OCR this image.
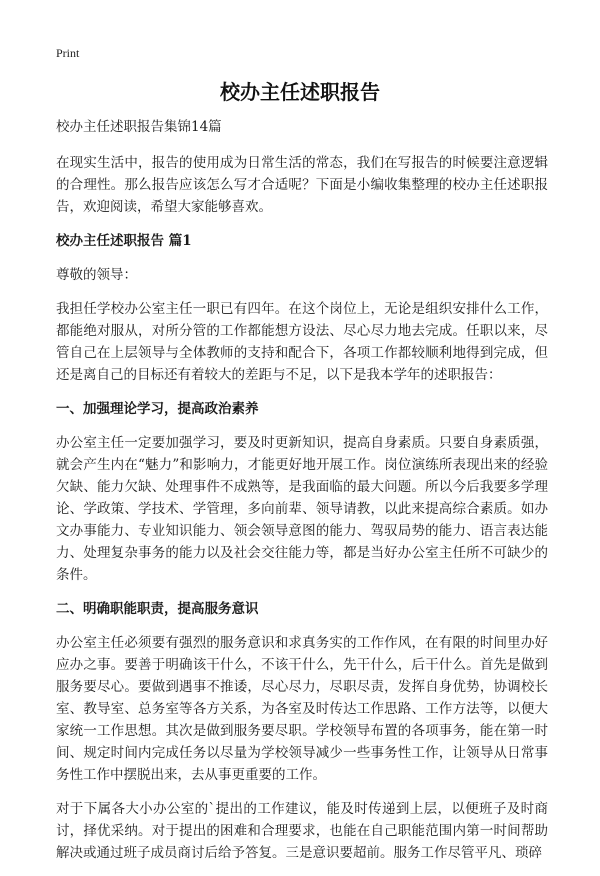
Print
校办主任述职报告
校办主任述职报告集锦14篇

在现实生活中，报告的使用成为日常生活的常态，我们在写报告的时候要注意逻辑的合理性。那么报告应该怎么写才合适呢？下面是小编收集整理的校办主任述职报告，欢迎阅读，希望大家能够喜欢。

校办主任述职报告 篇1

尊敬的领导：

我担任学校办公室主任一职已有四年。在这个岗位上，无论是组织安排什么工作，都能绝对服从，对所分管的工作都能想方设法、尽心尽力地去完成。任职以来，尽管自己在上层领导与全体教师的支持和配合下，各项工作都较顺利地得到完成，但还是离自己的目标还有着较大的差距与不足，以下是我本学年的述职报告：

一、加强理论学习，提高政治素养

办公室主任一定要加强学习，要及时更新知识，提高自身素质。只要自身素质强，就会产生内在“魅力”和影响力，才能更好地开展工作。岗位演练所表现出来的经验欠缺、能力欠缺、处理事件不成熟等，是我面临的最大问题。所以今后我要多学理论、学政策、学技术、学管理，多向前辈、领导请教，以此来提高综合素质。如办文办事能力、专业知识能力、领会领导意图的能力、驾驭局势的能力、语言表达能力、处理复杂事务的能力以及社会交往能力等，都是当好办公室主任所不可缺少的条件。

二、明确职能职责，提高服务意识

办公室主任必须要有强烈的服务意识和求真务实的工作作风，在有限的时间里办好应办之事。要善于明确该干什么，不该干什么，先干什么，后干什么。首先是做到服务要尽心。要做到遇事不推诿，尽心尽力，尽职尽责，发挥自身优势，协调校长室、教导室、总务室等各方关系，为各室及时传达工作思路、工作方法等，以便大家统一工作思想。其次是做到服务要尽职。学校领导布置的各项事务，能在第一时间、规定时间内完成任务以尽量为学校领导减少一些事务性工作，让领导从日常事务性工作中摆脱出来，去从事更重要的工作。

对于下属各大小办公室的`提出的工作建议，能及时传递到上层，以便班子及时商讨，择优采纳。对于提出的困难和合理要求，也能在自己职能范围内第一时间帮助解决或通过班子成员商讨后给予答复。三是意识要超前。服务工作尽管平凡、琐碎
